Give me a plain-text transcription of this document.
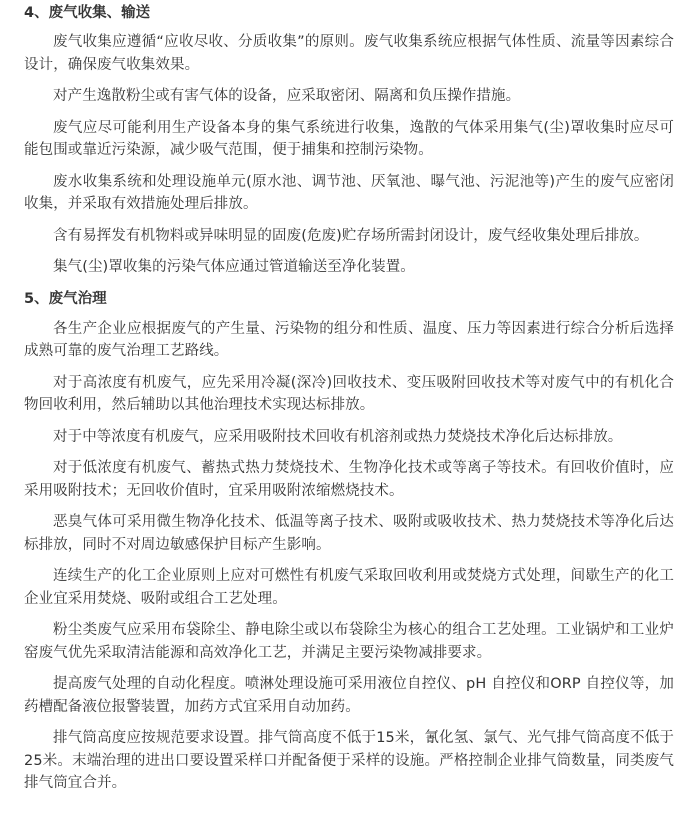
4、废气收集、输送

废气收集应遵循“应收尽收、分质收集”的原则。废气收集系统应根据气体性质、流量等因素综合设计，确保废气收集效果。

对产生逸散粉尘或有害气体的设备，应采取密闭、隔离和负压操作措施。

废气应尽可能利用生产设备本身的集气系统进行收集，逸散的气体采用集气(尘)罩收集时应尽可能包围或靠近污染源，减少吸气范围，便于捕集和控制污染物。

废水收集系统和处理设施单元(原水池、调节池、厌氧池、曝气池、污泥池等)产生的废气应密闭收集，并采取有效措施处理后排放。

含有易挥发有机物料或异味明显的固废(危废)贮存场所需封闭设计，废气经收集处理后排放。

集气(尘)罩收集的污染气体应通过管道输送至净化装置。

5、废气治理

各生产企业应根据废气的产生量、污染物的组分和性质、温度、压力等因素进行综合分析后选择成熟可靠的废气治理工艺路线。

对于高浓度有机废气，应先采用冷凝(深冷)回收技术、变压吸附回收技术等对废气中的有机化合物回收利用，然后辅助以其他治理技术实现达标排放。

对于中等浓度有机废气，应采用吸附技术回收有机溶剂或热力焚烧技术净化后达标排放。

对于低浓度有机废气、蓄热式热力焚烧技术、生物净化技术或等离子等技术。有回收价值时，应采用吸附技术；无回收价值时，宜采用吸附浓缩燃烧技术。

恶臭气体可采用微生物净化技术、低温等离子技术、吸附或吸收技术、热力焚烧技术等净化后达标排放，同时不对周边敏感保护目标产生影响。

连续生产的化工企业原则上应对可燃性有机废气采取回收利用或焚烧方式处理，间歇生产的化工企业宜采用焚烧、吸附或组合工艺处理。

粉尘类废气应采用布袋除尘、静电除尘或以布袋除尘为核心的组合工艺处理。工业锅炉和工业炉窑废气优先采取清洁能源和高效净化工艺，并满足主要污染物减排要求。

提高废气处理的自动化程度。喷淋处理设施可采用液位自控仪、pH 自控仪和ORP 自控仪等，加药槽配备液位报警装置，加药方式宜采用自动加药。

排气筒高度应按规范要求设置。排气筒高度不低于15米，氰化氢、氯气、光气排气筒高度不低于25米。末端治理的进出口要设置采样口并配备便于采样的设施。严格控制企业排气筒数量，同类废气排气筒宜合并。
